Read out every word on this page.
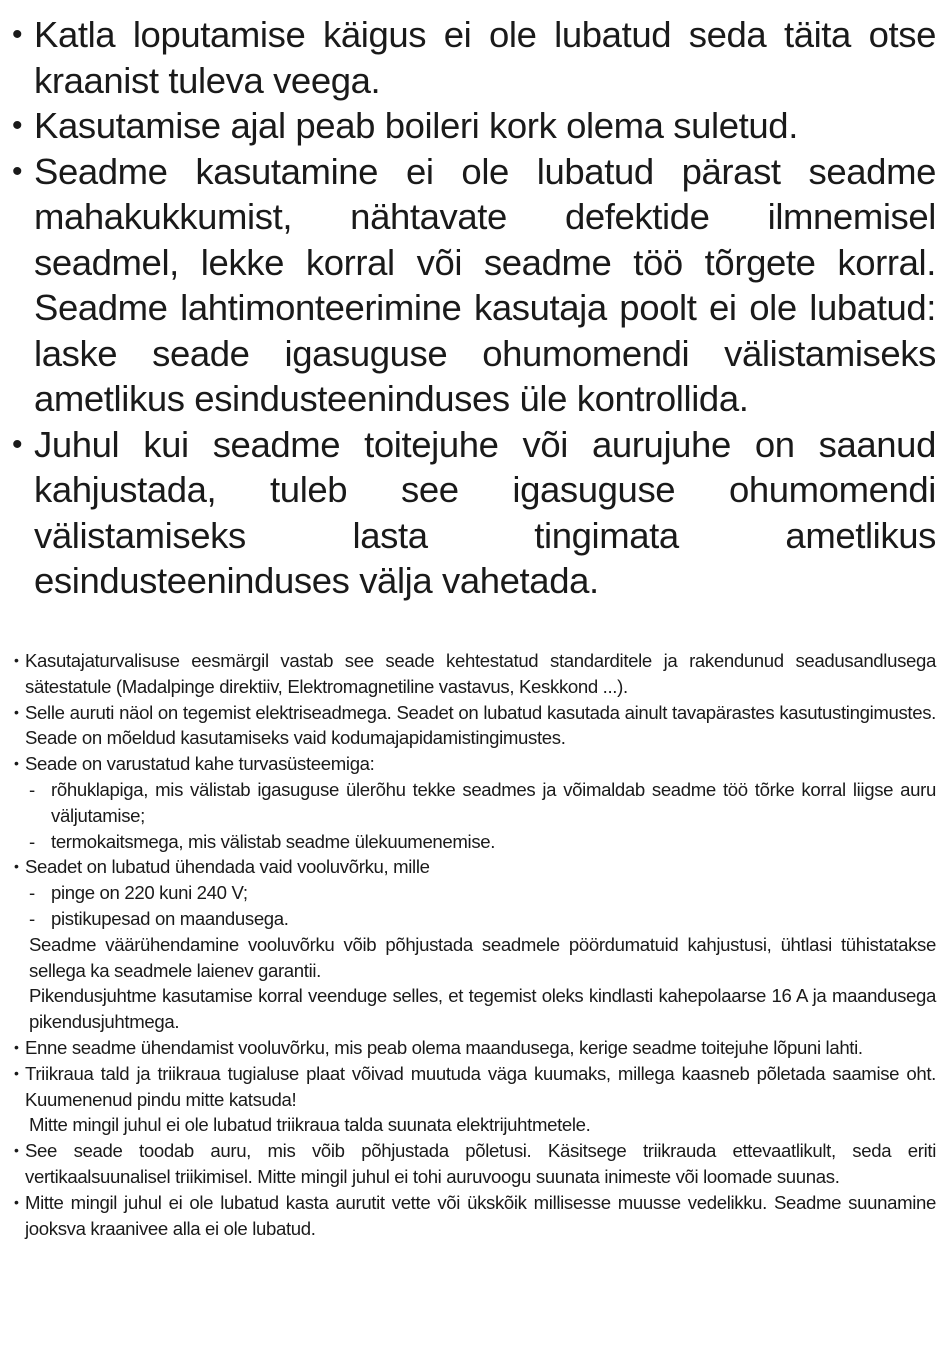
• Katla loputamise käigus ei ole lubatud seda täita otse kraanist tuleva veega.
• Kasutamise ajal peab boileri kork olema suletud.
• Seadme kasutamine ei ole lubatud pärast seadme mahakukkumist, nähtavate defektide ilmnemisel seadmel, lekke korral või seadme töö tõrgete korral. Seadme lahtimonteerimine kasutaja poolt ei ole lubatud: laske seade igasuguse ohumomendi välistamiseks ametlikus esindusteeninduses üle kontrollida.
• Juhul kui seadme toitejuhe või aurujuhe on saanud kahjustada, tuleb see igasuguse ohumomendi välistamiseks lasta tingimata ametlikus esindusteeninduses välja vahetada.
• Kasutajaturvalisuse eesmärgil vastab see seade kehtestatud standarditele ja rakendunud seadusandlusega sätestatule (Madalpinge direktiiv, Elektromagnetiline vastavus, Keskkond ...).
• Selle auruti näol on tegemist elektriseadmega. Seadet on lubatud kasutada ainult tavapärastes kasutustingimustes. Seade on mõeldud kasutamiseks vaid kodumajapidamistingimustes.
• Seade on varustatud kahe turvasüsteemiga:
- rõhuklapiga, mis välistab igasuguse ülerõhu tekke seadmes ja võimaldab seadme töö tõrke korral liigse auru väljutamise;
- termokaitsmega, mis välistab seadme ülekuumenemise.
• Seadet on lubatud ühendada vaid vooluvõrku, mille
- pinge on 220 kuni 240 V;
- pistikupesad on maandusega.
Seadme väärühendamine vooluvõrku võib põhjustada seadmele pöördumatuid kahjustusi, ühtlasi tühistatakse sellega ka seadmele laienev garantii.
Pikendusjuhtme kasutamise korral veenduge selles, et tegemist oleks kindlasti kahepolaarse 16 A ja maandusega pikendusjuhtmega.
• Enne seadme ühendamist vooluvõrku, mis peab olema maandusega, kerige seadme toitejuhe lõpuni lahti.
• Triikraua tald ja triikraua tugialuse plaat võivad muutuda väga kuumaks, millega kaasneb põletada saamise oht. Kuumenenud pindu mitte katsuda!
Mitte mingil juhul ei ole lubatud triikraua talda suunata elektrijuhtmetele.
• See seade toodab auru, mis võib põhjustada põletusi. Käsitsege triikrauda ettevaatlikult, seda eriti vertikaalsuunalisel triikimisel. Mitte mingil juhul ei tohi auruvoogu suunata inimeste või loomade suunas.
• Mitte mingil juhul ei ole lubatud kasta aurutit vette või ükskõik millisesse muusse vedelikku. Seadme suunamine jooksva kraanivee alla ei ole lubatud.
